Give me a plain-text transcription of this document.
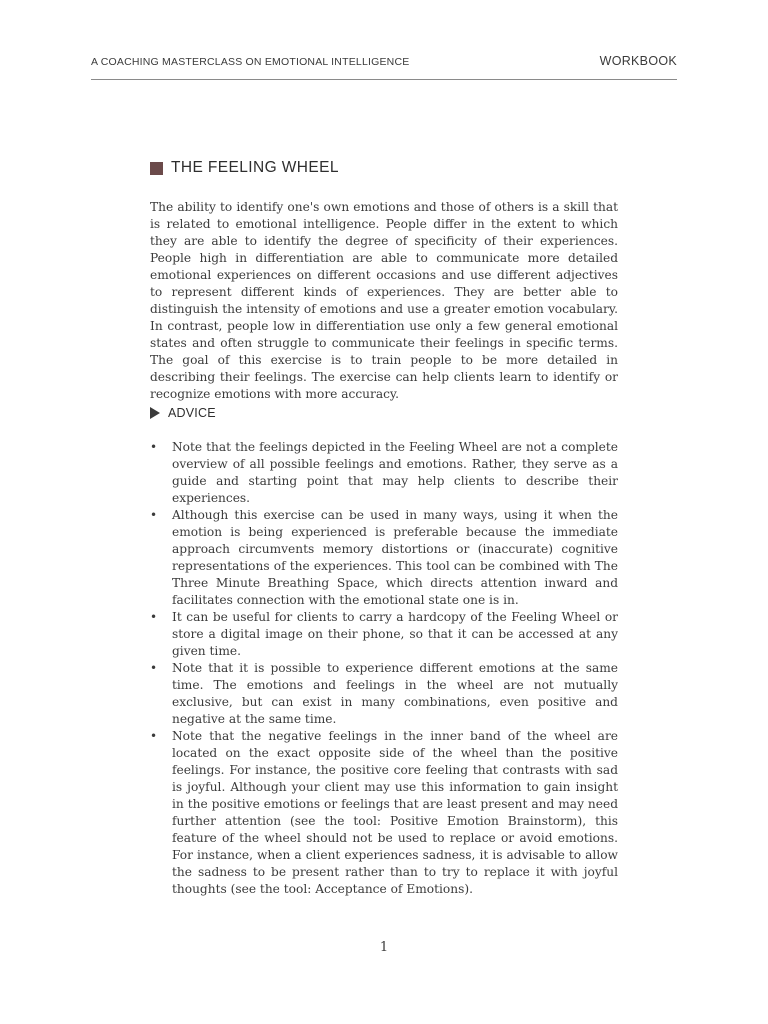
A COACHING MASTERCLASS ON EMOTIONAL INTELLIGENCE	WORKBOOK
THE FEELING WHEEL

The ability to identify one's own emotions and those of others is a skill that is related to emotional intelligence. People differ in the extent to which they are able to identify the degree of specificity of their experiences. People high in differentiation are able to communicate more detailed emotional experiences on different occasions and use different adjectives to represent different kinds of experiences. They are better able to distinguish the intensity of emotions and use a greater emotion vocabulary. In contrast, people low in differentiation use only a few general emotional states and often struggle to communicate their feelings in specific terms. The goal of this exercise is to train people to be more detailed in describing their feelings. The exercise can help clients learn to identify or recognize emotions with more accuracy.

ADVICE
• Note that the feelings depicted in the Feeling Wheel are not a complete overview of all possible feelings and emotions. Rather, they serve as a guide and starting point that may help clients to describe their experiences.
• Although this exercise can be used in many ways, using it when the emotion is being experienced is preferable because the immediate approach circumvents memory distortions or (inaccurate) cognitive representations of the experiences. This tool can be combined with The Three Minute Breathing Space, which directs attention inward and facilitates connection with the emotional state one is in.
• It can be useful for clients to carry a hardcopy of the Feeling Wheel or store a digital image on their phone, so that it can be accessed at any given time.
• Note that it is possible to experience different emotions at the same time. The emotions and feelings in the wheel are not mutually exclusive, but can exist in many combinations, even positive and negative at the same time.
• Note that the negative feelings in the inner band of the wheel are located on the exact opposite side of the wheel than the positive feelings. For instance, the positive core feeling that contrasts with sad is joyful. Although your client may use this information to gain insight in the positive emotions or feelings that are least present and may need further attention (see the tool: Positive Emotion Brainstorm), this feature of the wheel should not be used to replace or avoid emotions. For instance, when a client experiences sadness, it is advisable to allow the sadness to be present rather than to try to replace it with joyful thoughts (see the tool: Acceptance of Emotions).
1
